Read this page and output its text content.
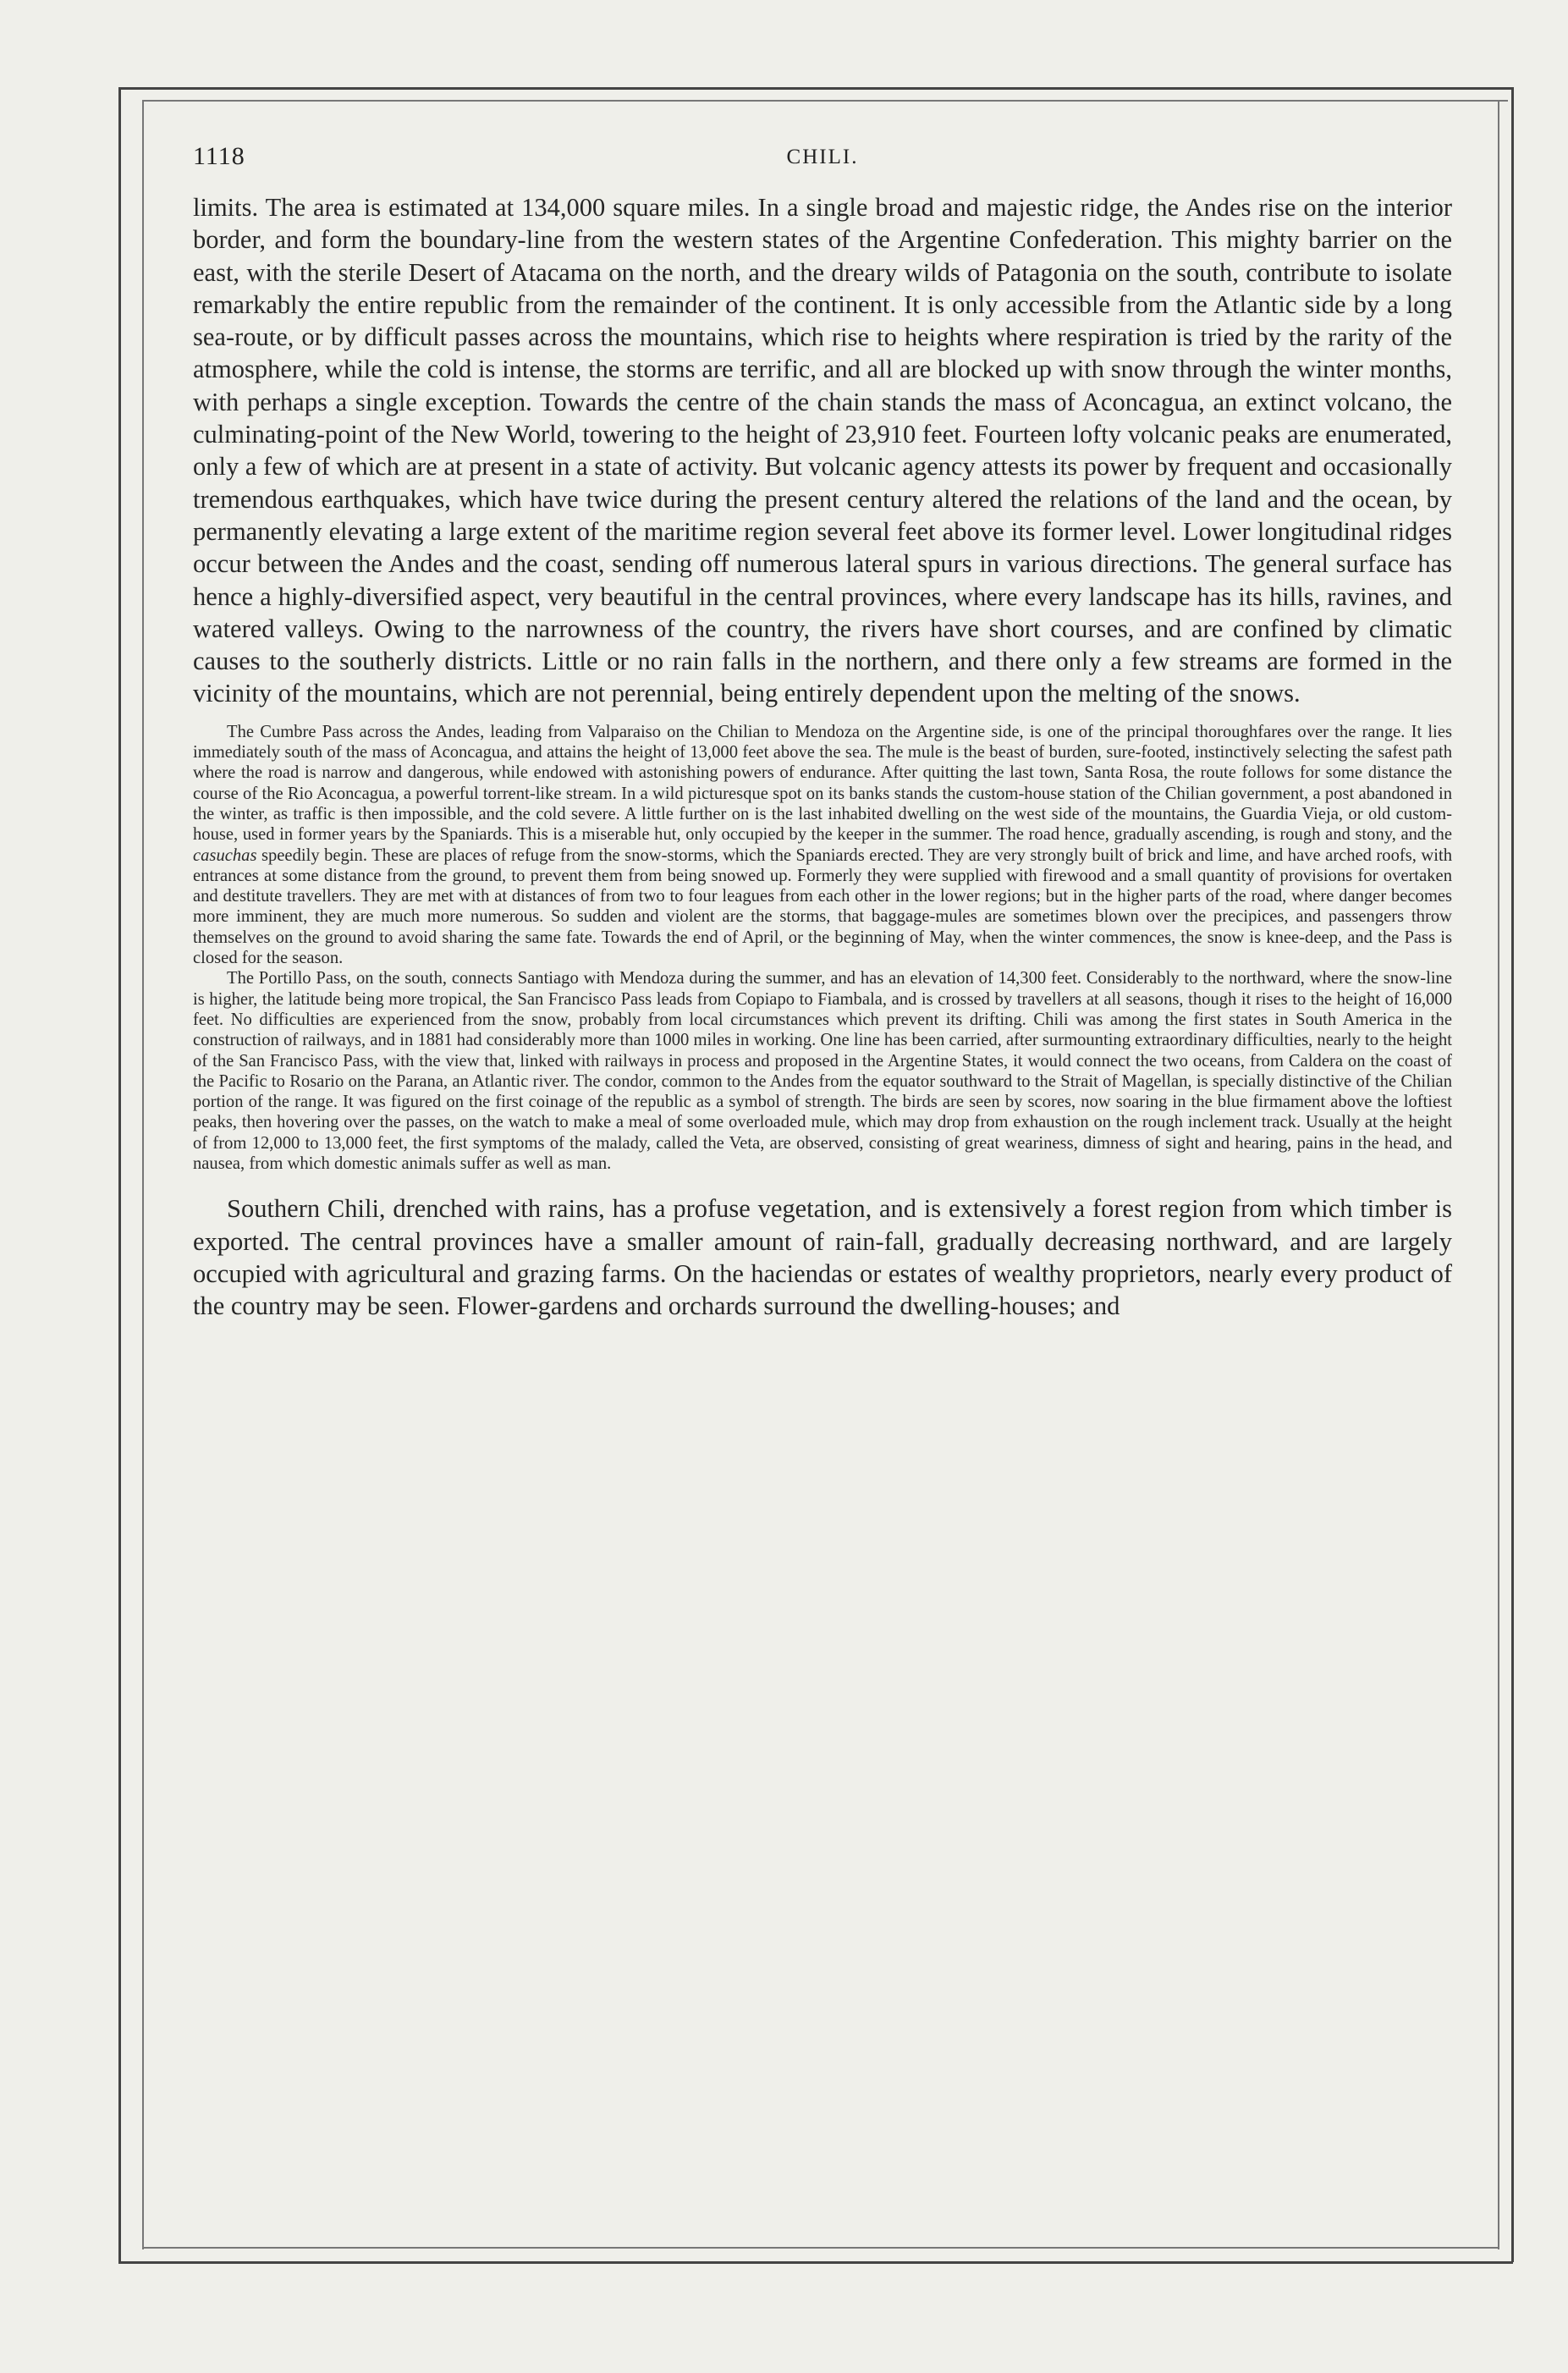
1118	CHILI.

limits. The area is estimated at 134,000 square miles. In a single broad and majestic ridge, the Andes rise on the interior border, and form the boundary-line from the western states of the Argentine Confederation. This mighty barrier on the east, with the sterile Desert of Atacama on the north, and the dreary wilds of Patagonia on the south, contribute to isolate remarkably the entire republic from the remainder of the continent. It is only accessible from the Atlantic side by a long sea-route, or by difficult passes across the mountains, which rise to heights where respiration is tried by the rarity of the atmosphere, while the cold is intense, the storms are terrific, and all are blocked up with snow through the winter months, with perhaps a single exception. Towards the centre of the chain stands the mass of Aconcagua, an extinct volcano, the culminating-point of the New World, towering to the height of 23,910 feet. Fourteen lofty volcanic peaks are enumerated, only a few of which are at present in a state of activity. But volcanic agency attests its power by frequent and occasionally tremendous earthquakes, which have twice during the present century altered the relations of the land and the ocean, by permanently elevating a large extent of the maritime region several feet above its former level. Lower longitudinal ridges occur between the Andes and the coast, sending off numerous lateral spurs in various directions. The general surface has hence a highly-diversified aspect, very beautiful in the central provinces, where every landscape has its hills, ravines, and watered valleys. Owing to the narrowness of the country, the rivers have short courses, and are confined by climatic causes to the southerly districts. Little or no rain falls in the northern, and there only a few streams are formed in the vicinity of the mountains, which are not perennial, being entirely dependent upon the melting of the snows.

The Cumbre Pass across the Andes, leading from Valparaiso on the Chilian to Mendoza on the Argentine side, is one of the principal thoroughfares over the range. It lies immediately south of the mass of Aconcagua, and attains the height of 13,000 feet above the sea. The mule is the beast of burden, sure-footed, instinctively selecting the safest path where the road is narrow and dangerous, while endowed with astonishing powers of endurance. After quitting the last town, Santa Rosa, the route follows for some distance the course of the Rio Aconcagua, a powerful torrent-like stream. In a wild picturesque spot on its banks stands the custom-house station of the Chilian government, a post abandoned in the winter, as traffic is then impossible, and the cold severe. A little further on is the last inhabited dwelling on the west side of the mountains, the Guardia Vieja, or old custom-house, used in former years by the Spaniards. This is a miserable hut, only occupied by the keeper in the summer. The road hence, gradually ascending, is rough and stony, and the casuchas speedily begin. These are places of refuge from the snow-storms, which the Spaniards erected. They are very strongly built of brick and lime, and have arched roofs, with entrances at some distance from the ground, to prevent them from being snowed up. Formerly they were supplied with firewood and a small quantity of provisions for overtaken and destitute travellers. They are met with at distances of from two to four leagues from each other in the lower regions; but in the higher parts of the road, where danger becomes more imminent, they are much more numerous. So sudden and violent are the storms, that baggage-mules are sometimes blown over the precipices, and passengers throw themselves on the ground to avoid sharing the same fate. Towards the end of April, or the beginning of May, when the winter commences, the snow is knee-deep, and the Pass is closed for the season.

The Portillo Pass, on the south, connects Santiago with Mendoza during the summer, and has an elevation of 14,300 feet. Considerably to the northward, where the snow-line is higher, the latitude being more tropical, the San Francisco Pass leads from Copiapo to Fiambala, and is crossed by travellers at all seasons, though it rises to the height of 16,000 feet. No difficulties are experienced from the snow, probably from local circumstances which prevent its drifting. Chili was among the first states in South America in the construction of railways, and in 1881 had considerably more than 1000 miles in working. One line has been carried, after surmounting extraordinary difficulties, nearly to the height of the San Francisco Pass, with the view that, linked with railways in process and proposed in the Argentine States, it would connect the two oceans, from Caldera on the coast of the Pacific to Rosario on the Parana, an Atlantic river. The condor, common to the Andes from the equator southward to the Strait of Magellan, is specially distinctive of the Chilian portion of the range. It was figured on the first coinage of the republic as a symbol of strength. The birds are seen by scores, now soaring in the blue firmament above the loftiest peaks, then hovering over the passes, on the watch to make a meal of some overloaded mule, which may drop from exhaustion on the rough inclement track. Usually at the height of from 12,000 to 13,000 feet, the first symptoms of the malady, called the Veta, are observed, consisting of great weariness, dimness of sight and hearing, pains in the head, and nausea, from which domestic animals suffer as well as man.

Southern Chili, drenched with rains, has a profuse vegetation, and is extensively a forest region from which timber is exported. The central provinces have a smaller amount of rain-fall, gradually decreasing northward, and are largely occupied with agricultural and grazing farms. On the haciendas or estates of wealthy proprietors, nearly every product of the country may be seen. Flower-gardens and orchards surround the dwelling-houses; and
